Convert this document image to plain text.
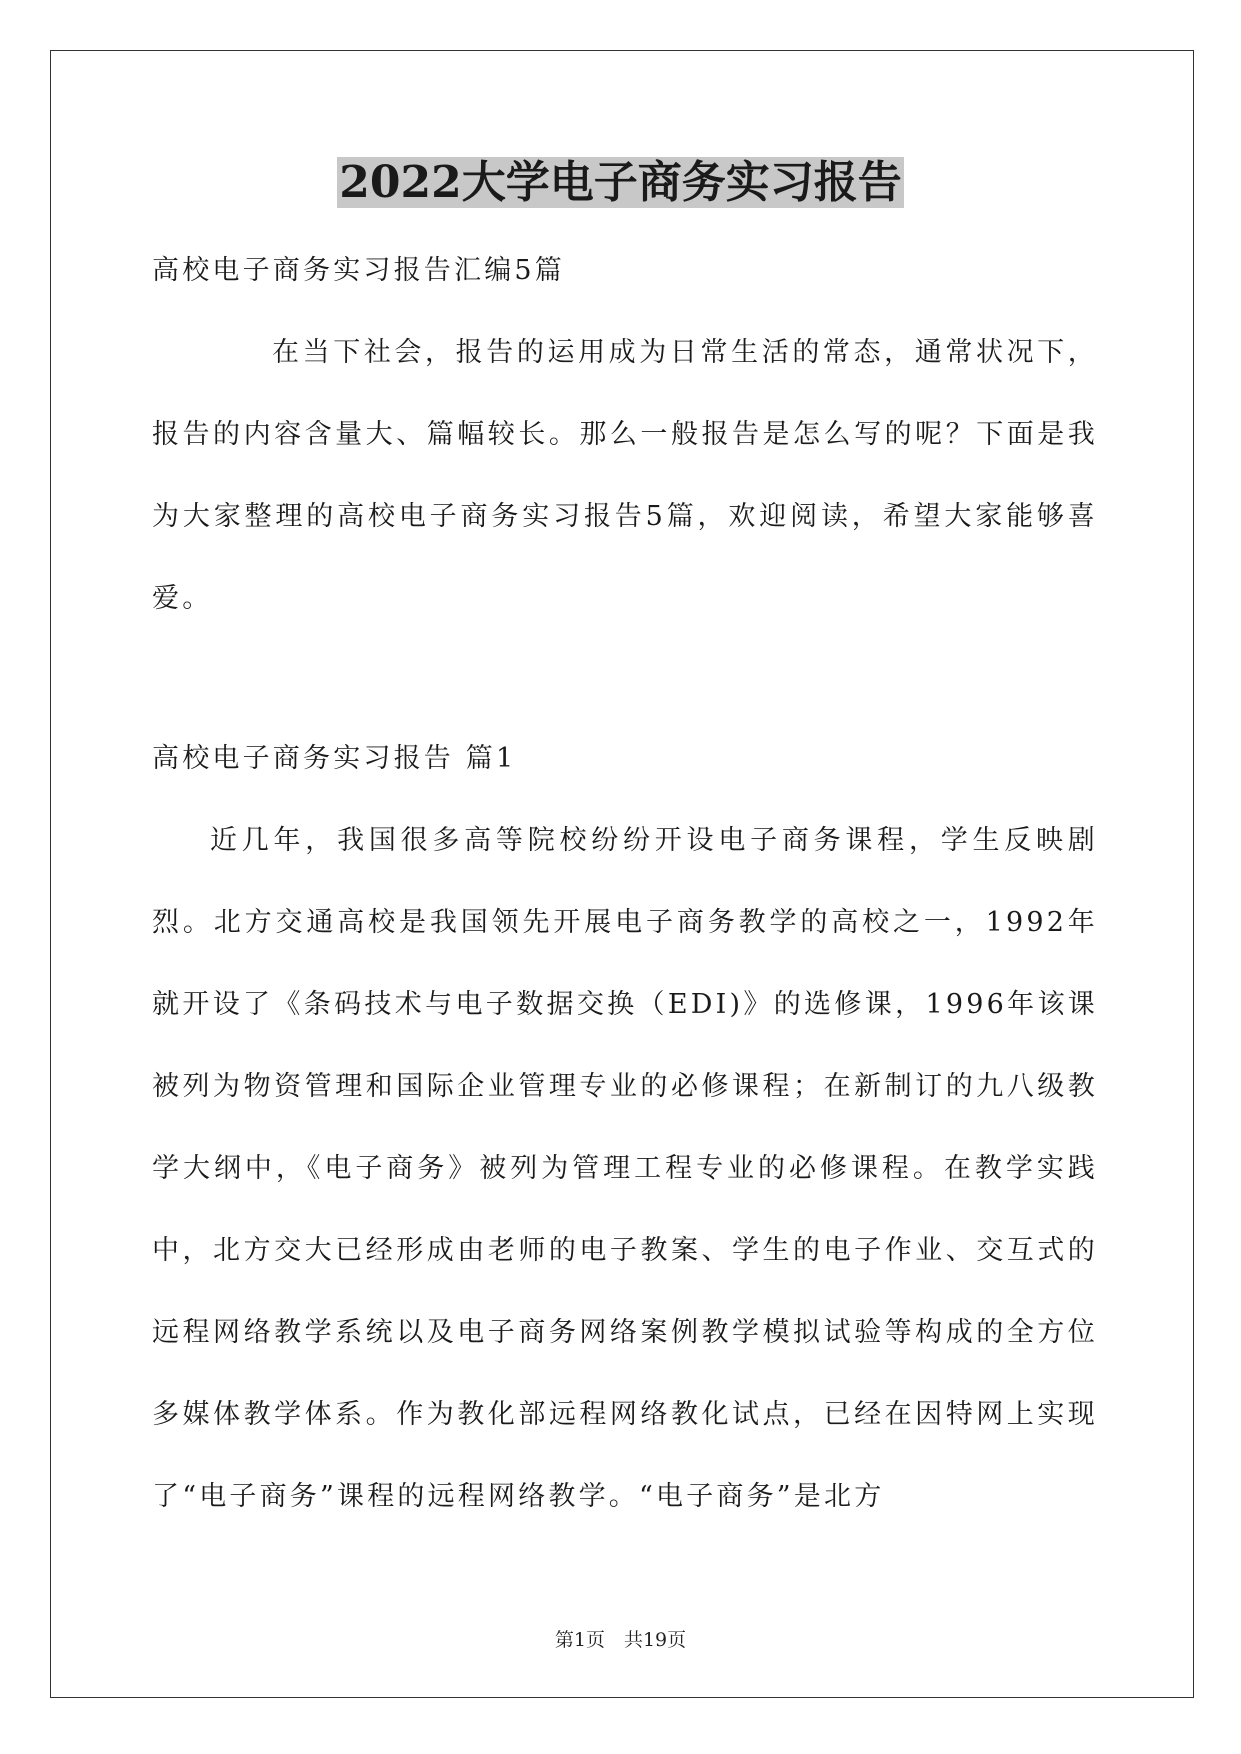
2022大学电子商务实习报告

高校电子商务实习报告汇编5篇

在当下社会，报告的运用成为日常生活的常态，通常状况下，报告的内容含量大、篇幅较长。那么一般报告是怎么写的呢？下面是我为大家整理的高校电子商务实习报告5篇，欢迎阅读，希望大家能够喜爱。

高校电子商务实习报告 篇1

近几年，我国很多高等院校纷纷开设电子商务课程，学生反映剧烈。北方交通高校是我国领先开展电子商务教学的高校之一，1992年就开设了《条码技术与电子数据交换（EDI)》的选修课，1996年该课被列为物资管理和国际企业管理专业的必修课程；在新制订的九八级教学大纲中，《电子商务》被列为管理工程专业的必修课程。在教学实践中，北方交大已经形成由老师的电子教案、学生的电子作业、交互式的远程网络教学系统以及电子商务网络案例教学模拟试验等构成的全方位多媒体教学体系。作为教化部远程网络教化试点，已经在因特网上实现了“电子商务”课程的远程网络教学。“电子商务”是北方

第1页　共19页
